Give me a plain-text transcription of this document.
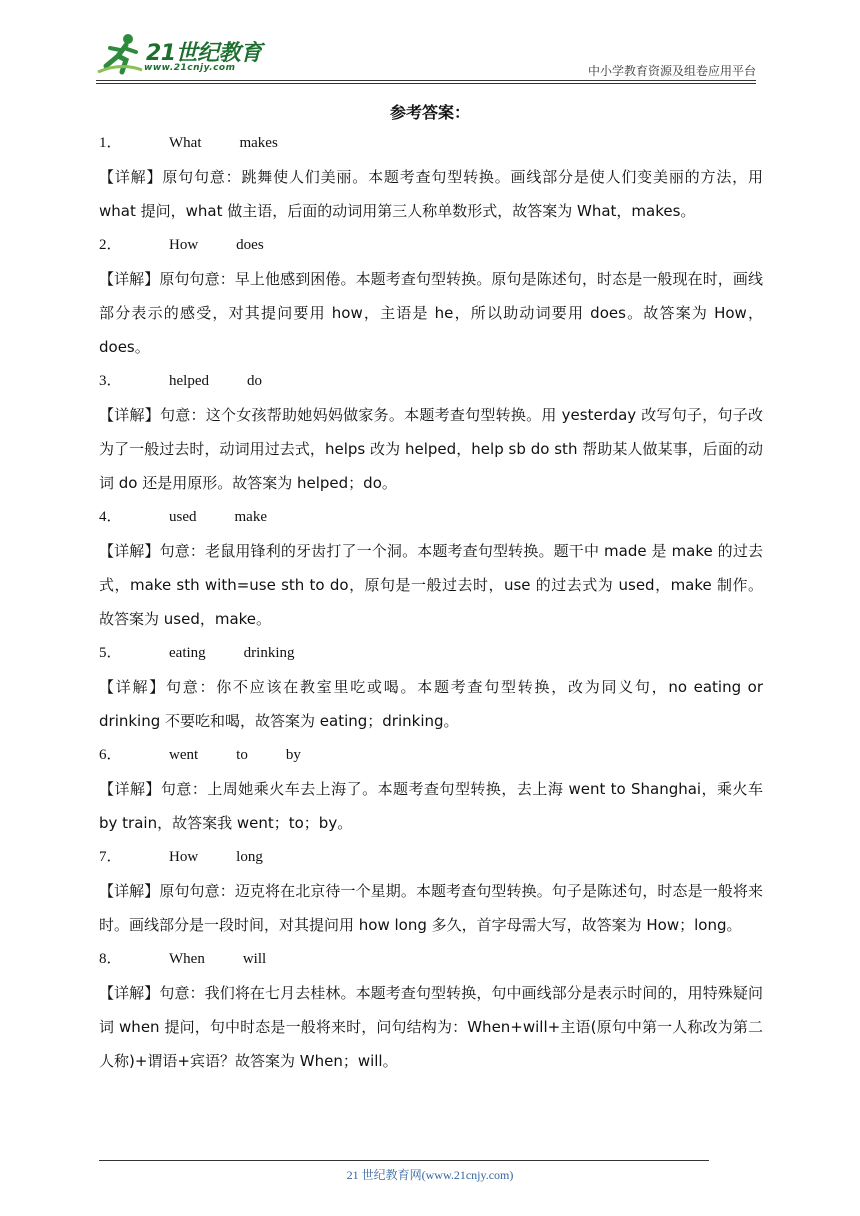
21世纪教育
www.21cnjy.com	中小学教育资源及组卷应用平台
参考答案：
1．	What	makes
【详解】原句句意：跳舞使人们美丽。本题考查句型转换。画线部分是使人们变美丽的方法，用 what 提问，what 做主语，后面的动词用第三人称单数形式，故答案为 What，makes。
2．	How	does
【详解】原句句意：早上他感到困倦。本题考查句型转换。原句是陈述句，时态是一般现在时，画线部分表示的感受，对其提问要用 how，主语是 he，所以助动词要用 does。故答案为 How，does。
3．	helped	do
【详解】句意：这个女孩帮助她妈妈做家务。本题考查句型转换。用 yesterday 改写句子，句子改为了一般过去时，动词用过去式，helps 改为 helped，help sb do sth 帮助某人做某事，后面的动词 do 还是用原形。故答案为 helped；do。
4．	used	make
【详解】句意：老鼠用锋利的牙齿打了一个洞。本题考查句型转换。题干中 made 是 make 的过去式，make sth with=use sth to do，原句是一般过去时，use 的过去式为 used，make 制作。故答案为 used，make。
5．	eating	drinking
【详解】句意：你不应该在教室里吃或喝。本题考查句型转换，改为同义句，no eating or drinking 不要吃和喝，故答案为 eating；drinking。
6．	went	to	by
【详解】句意：上周她乘火车去上海了。本题考查句型转换，去上海 went to Shanghai，乘火车 by train，故答案我 went；to；by。
7．	How	long
【详解】原句句意：迈克将在北京待一个星期。本题考查句型转换。句子是陈述句，时态是一般将来时。画线部分是一段时间，对其提问用 how long 多久，首字母需大写，故答案为 How；long。
8．	When	will
【详解】句意：我们将在七月去桂林。本题考查句型转换，句中画线部分是表示时间的，用特殊疑问词 when 提问，句中时态是一般将来时，问句结构为：When+will+主语(原句中第一人称改为第二人称)+谓语+宾语？故答案为 When；will。
21 世纪教育网(www.21cnjy.com)
